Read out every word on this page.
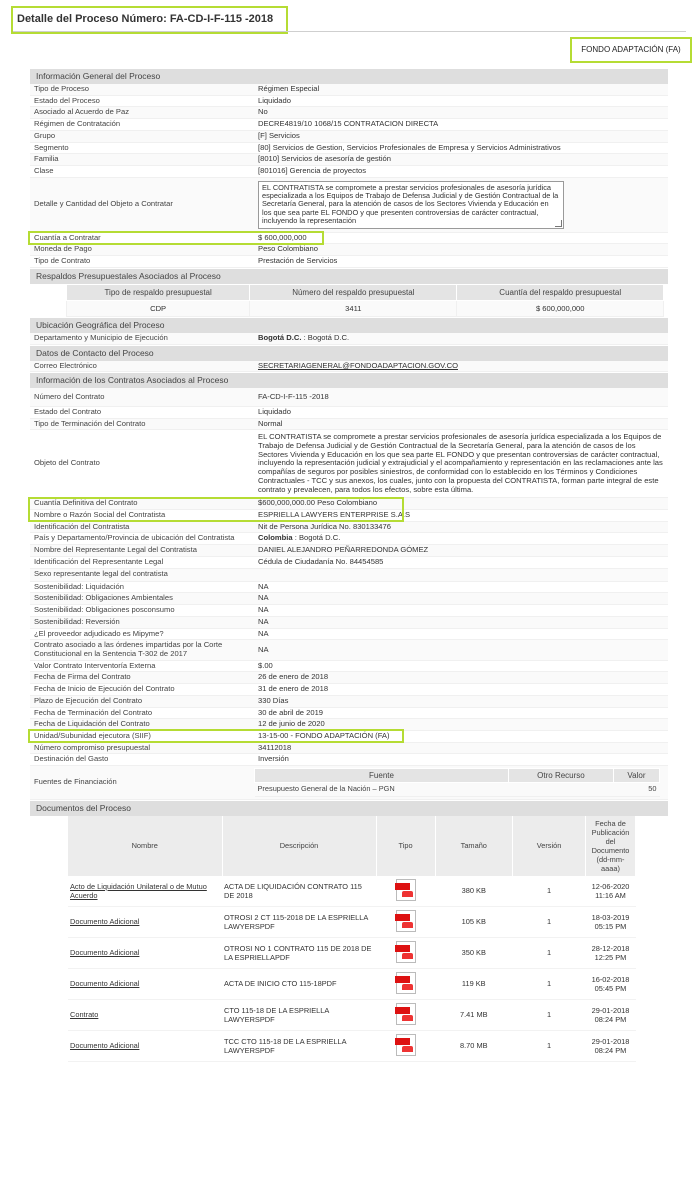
Detalle del Proceso Número: FA-CD-I-F-115 -2018
FONDO ADAPTACIÓN (FA)
Información General del Proceso
Tipo de Proceso	Régimen Especial
Estado del Proceso	Liquidado
Asociado al Acuerdo de Paz	No
Régimen de Contratación	DECRE4819/10 1068/15 CONTRATACION DIRECTA
Grupo	[F] Servicios
Segmento	[80] Servicios de Gestion, Servicios Profesionales de Empresa y Servicios Administrativos
Familia	[8010] Servicios de asesoría de gestión
Clase	[801016] Gerencia de proyectos
Detalle y Cantidad del Objeto a Contratar	EL CONTRATISTA se compromete a prestar servicios profesionales de asesoría jurídica especializada a los Equipos de Trabajo de Defensa Judicial y de Gestión Contractual de la Secretaría General, para la atención de casos de los Sectores Vivienda y Educación en los que sea parte EL FONDO y que presenten controversias de carácter contractual, incluyendo la representación

Cuantía a Contratar	$ 600,000,000
Moneda de Pago	Peso Colombiano
Tipo de Contrato	Prestación de Servicios
Respaldos Presupuestales Asociados al Proceso
Tipo de respaldo presupuestal	Número del respaldo presupuestal	Cuantía del respaldo presupuestal
CDP	3411	$ 600,000,000
Ubicación Geográfica del Proceso
Departamento y Municipio de Ejecución	Bogotá D.C. : Bogotá D.C.
Datos de Contacto del Proceso
Correo Electrónico	SECRETARIAGENERAL@FONDOADAPTACION.GOV.CO
Información de los Contratos Asociados al Proceso
Número del Contrato	FA-CD-I-F-115 -2018
Estado del Contrato	Liquidado
Tipo de Terminación del Contrato	Normal
Objeto del Contrato	EL CONTRATISTA se compromete a prestar servicios profesionales de asesoría jurídica especializada a los Equipos de Trabajo de Defensa Judicial y de Gestión Contractual de la Secretaría General, para la atención de casos de los Sectores Vivienda y Educación en los que sea parte EL FONDO y que presentan controversias de carácter contractual, incluyendo la representación judicial y extrajudicial y el acompañamiento y representación en las reclamaciones ante las compañías de seguros por posibles siniestros, de conformidad con lo establecido en los Términos y Condiciones Contractuales - TCC y sus anexos, los cuales, junto con la propuesta del CONTRATISTA, forman parte integral de este contrato y prevalecen, para todos los efectos, sobre esta última.
Cuantía Definitiva del Contrato	$600,000,000.00 Peso Colombiano
Nombre o Razón Social del Contratista	ESPRIELLA LAWYERS ENTERPRISE S.A.S
Identificación del Contratista	Nit de Persona Jurídica No. 830133476
País y Departamento/Provincia de ubicación del Contratista	Colombia : Bogotá D.C.
Nombre del Representante Legal del Contratista	DANIEL ALEJANDRO PEÑARREDONDA GÓMEZ
Identificación del Representante Legal	Cédula de Ciudadanía No. 84454585
Sexo representante legal del contratista	
Sostenibilidad: Liquidación	NA
Sostenibilidad: Obligaciones Ambientales	NA
Sostenibilidad: Obligaciones posconsumo	NA
Sostenibilidad: Reversión	NA
¿El proveedor adjudicado es Mipyme?	NA
Contrato asociado a las órdenes impartidas por la Corte Constitucional en la Sentencia T-302 de 2017	NA
Valor Contrato Interventoría Externa	$.00
Fecha de Firma del Contrato	26 de enero de 2018
Fecha de Inicio de Ejecución del Contrato	31 de enero de 2018
Plazo de Ejecución del Contrato	330 Días
Fecha de Terminación del Contrato	30 de abril de 2019
Fecha de Liquidación del Contrato	12 de junio de 2020
Unidad/Subunidad ejecutora (SIIF)	13-15-00 - FONDO ADAPTACIÓN (FA)
Número compromiso presupuestal	34112018
Destinación del Gasto	Inversión
Fuentes de Financiación	
Fuente	Otro Recurso	Valor
Presupuesto General de la Nación – PGN		50
Documentos del Proceso
Nombre	Descripción	Tipo	Tamaño	Versión	Fecha de Publicación del Documento (dd-mm-aaaa)
Acto de Liquidación Unilateral o de Mutuo Acuerdo	ACTA DE LIQUIDACIÓN CONTRATO 115 DE 2018		380 KB	1	12-06-2020 11:16 AM
Documento Adicional	OTROSI 2 CT 115-2018 DE LA ESPRIELLA LAWYERSPDF		105 KB	1	18-03-2019 05:15 PM
Documento Adicional	OTROSI NO 1 CONTRATO 115 DE 2018 DE LA ESPRIELLAPDF		350 KB	1	28-12-2018 12:25 PM
Documento Adicional	ACTA DE INICIO CTO 115-18PDF		119 KB	1	16-02-2018 05:45 PM
Contrato	CTO 115-18 DE LA ESPRIELLA LAWYERSPDF		7.41 MB	1	29-01-2018 08:24 PM
Documento Adicional	TCC CTO 115-18 DE LA ESPRIELLA LAWYERSPDF		8.70 MB	1	29-01-2018 08:24 PM
